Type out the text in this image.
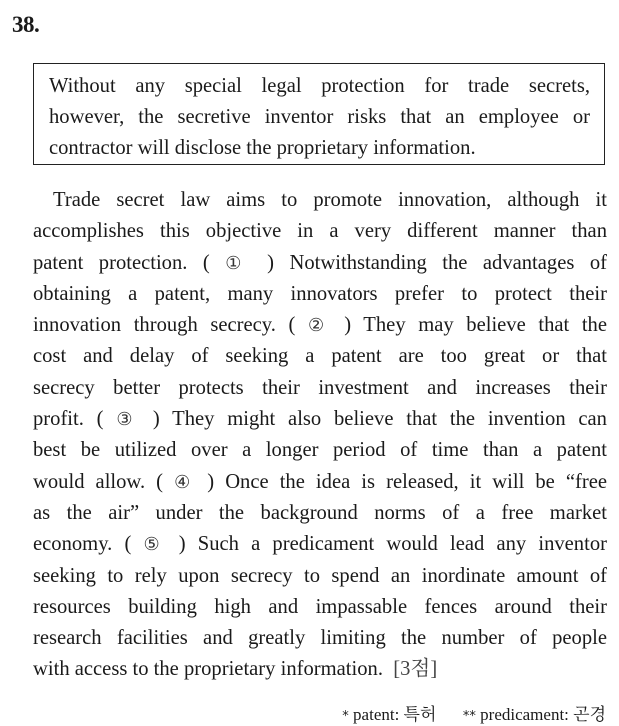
38.
Without any special legal protection for trade secrets,
however, the secretive inventor risks that an employee or
contractor will disclose the proprietary information.
Trade secret law aims to promote innovation, although it
accomplishes this objective in a very different manner than
patent protection. ( ① ) Notwithstanding the advantages of
obtaining a patent, many innovators prefer to protect their
innovation through secrecy. ( ② ) They may believe that the
cost and delay of seeking a patent are too great or that
secrecy better protects their investment and increases their
profit. ( ③ ) They might also believe that the invention can
best be utilized over a longer period of time than a patent
would allow. ( ④ ) Once the idea is released, it will be “free
as the air” under the background norms of a free market
economy. ( ⑤ ) Such a predicament would lead any inventor
seeking to rely upon secrecy to spend an inordinate amount of
resources building high and impassable fences around their
research facilities and greatly limiting the number of people
with access to the proprietary information. [3점]
* patent: 특허 ** predicament: 곤경
